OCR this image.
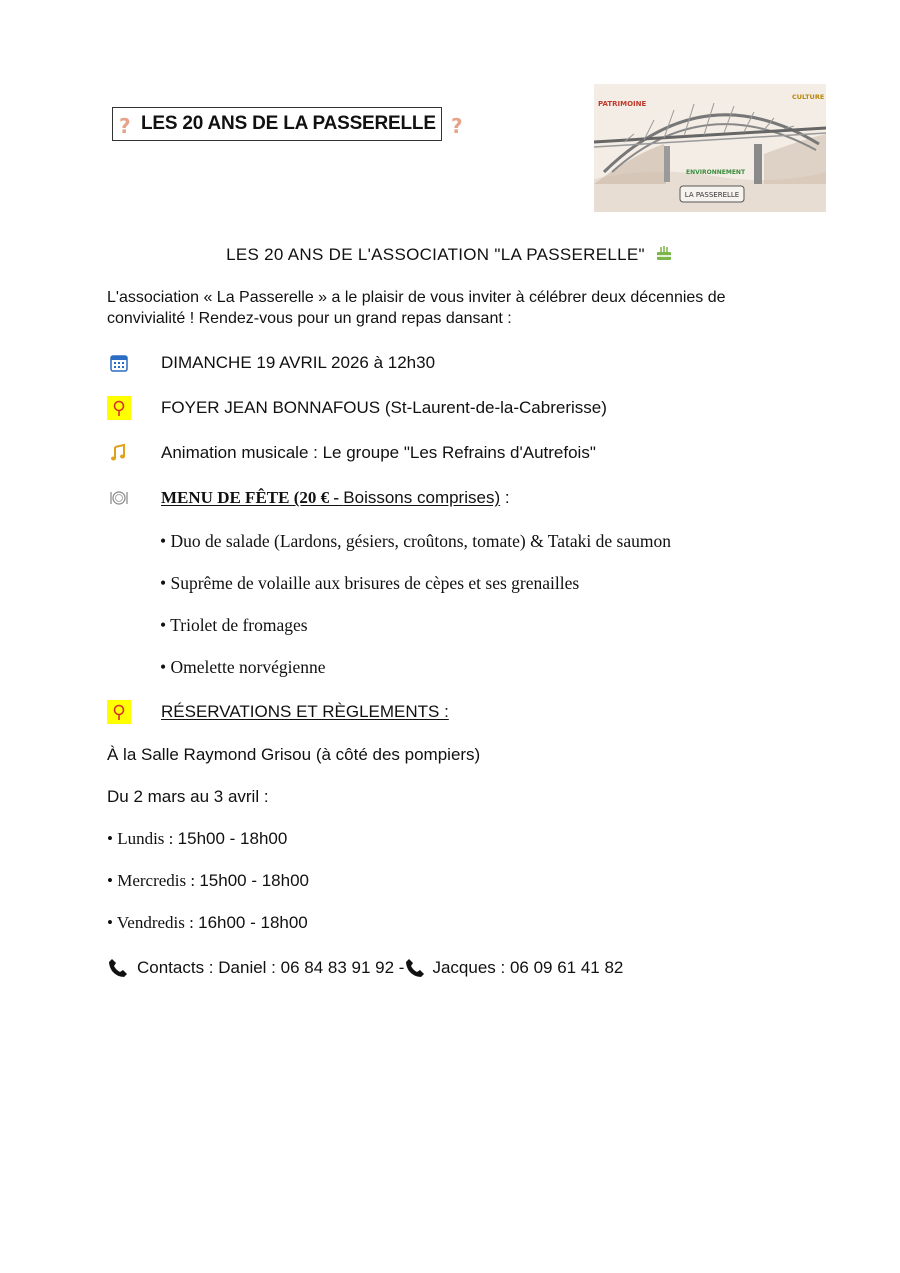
? LES 20 ANS DE LA PASSERELLE ?
PATRIMOINE
CULTURE
ENVIRONNEMENT
LA PASSERELLE
LES 20 ANS DE L'ASSOCIATION "LA PASSERELLE"
L'association « La Passerelle » a le plaisir de vous inviter à célébrer deux décennies de convivialité ! Rendez-vous pour un grand repas dansant :
DIMANCHE 19 AVRIL 2026 à 12h30
FOYER JEAN BONNAFOUS (St-Laurent-de-la-Cabrerisse)
Animation musicale : Le groupe "Les Refrains d'Autrefois"
MENU DE FÊTE (20 € - Boissons comprises) :
• Duo de salade (Lardons, gésiers, croûtons, tomate) & Tataki de saumon
• Suprême de volaille aux brisures de cèpes et ses grenailles
• Triolet de fromages
• Omelette norvégienne
RÉSERVATIONS ET RÈGLEMENTS :
À la Salle Raymond Grisou (à côté des pompiers)
Du 2 mars au 3 avril :
• Lundis : 15h00 - 18h00
• Mercredis : 15h00 - 18h00
• Vendredis : 16h00 - 18h00
Contacts : Daniel : 06 84 83 91 92 - Jacques : 06 09 61 41 82
